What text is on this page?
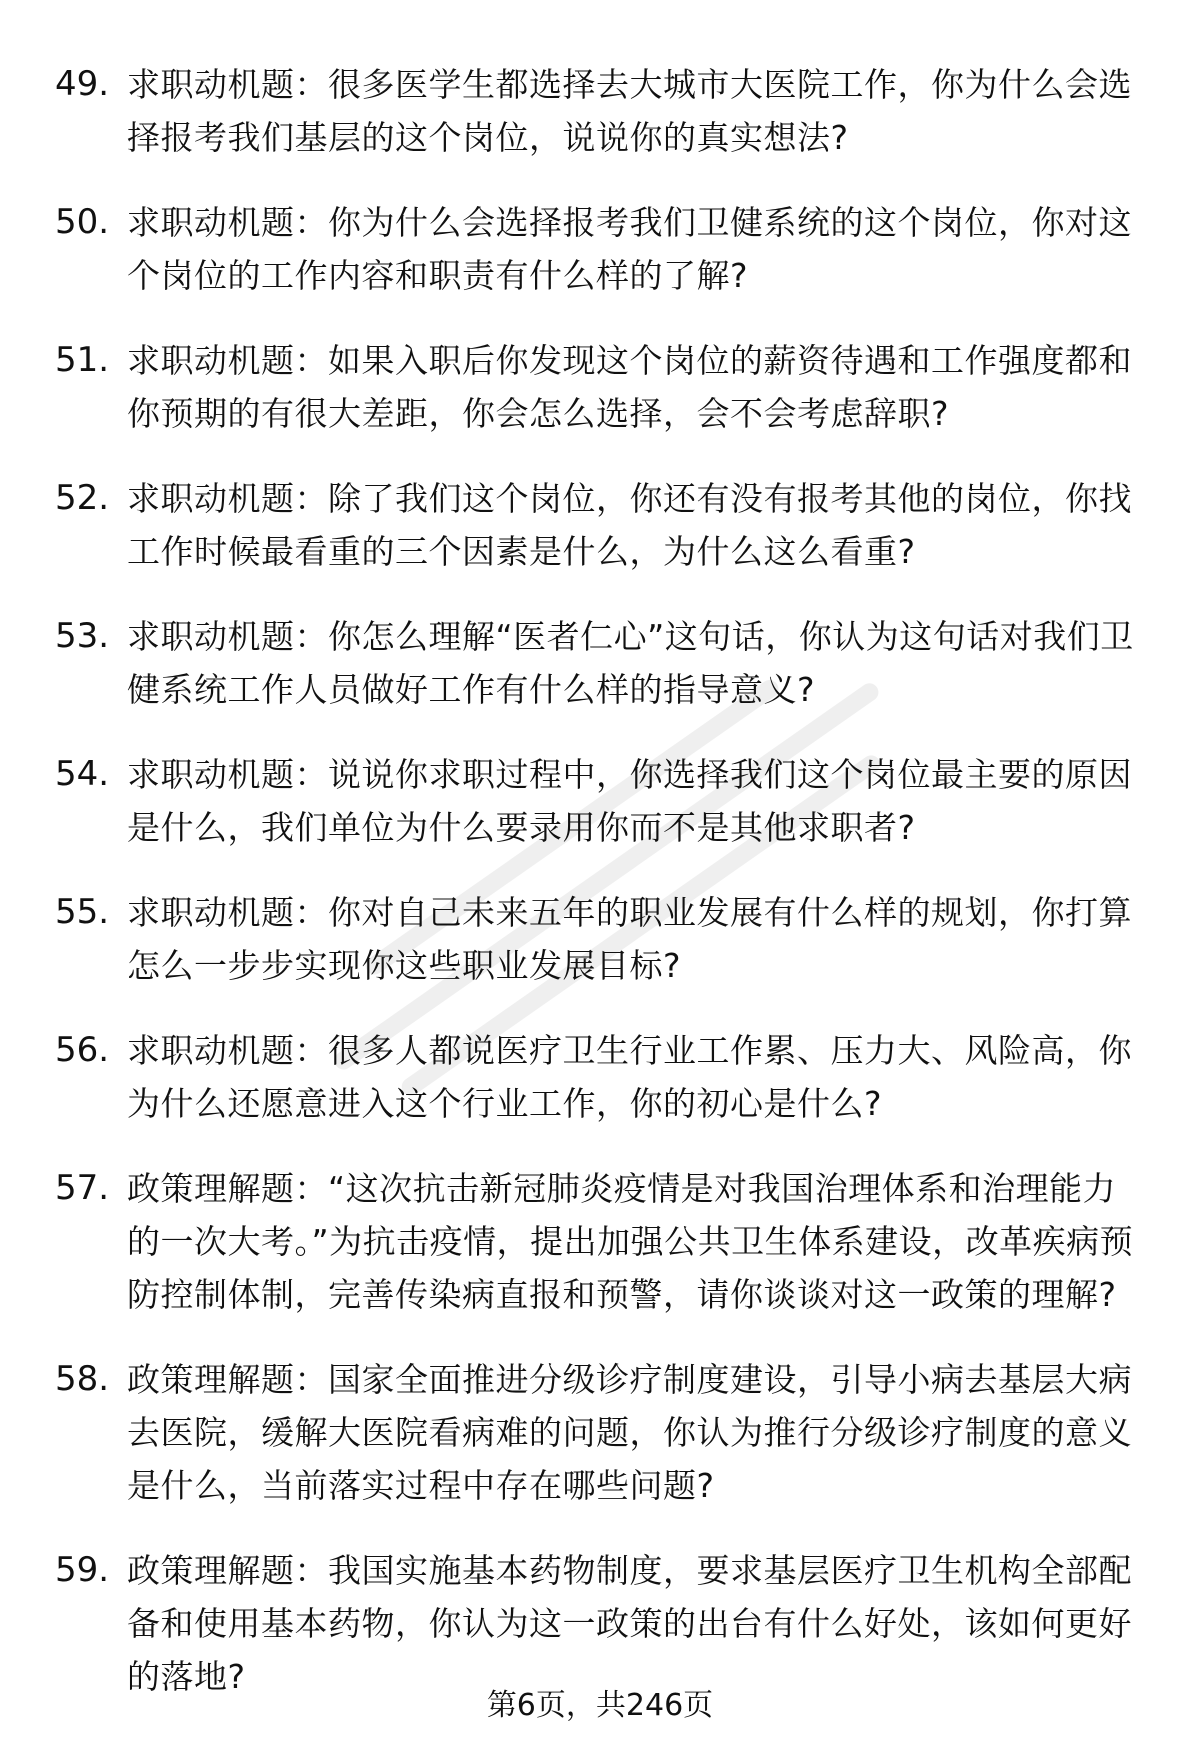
49. 求职动机题：很多医学生都选择去大城市大医院工作，你为什么会选择报考我们基层的这个岗位，说说你的真实想法?
50. 求职动机题：你为什么会选择报考我们卫健系统的这个岗位，你对这个岗位的工作内容和职责有什么样的了解?
51. 求职动机题：如果入职后你发现这个岗位的薪资待遇和工作强度都和你预期的有很大差距，你会怎么选择，会不会考虑辞职?
52. 求职动机题：除了我们这个岗位，你还有没有报考其他的岗位，你找工作时候最看重的三个因素是什么，为什么这么看重?
53. 求职动机题：你怎么理解“医者仁心”这句话，你认为这句话对我们卫健系统工作人员做好工作有什么样的指导意义?
54. 求职动机题：说说你求职过程中，你选择我们这个岗位最主要的原因是什么，我们单位为什么要录用你而不是其他求职者?
55. 求职动机题：你对自己未来五年的职业发展有什么样的规划，你打算怎么一步步实现你这些职业发展目标?
56. 求职动机题：很多人都说医疗卫生行业工作累、压力大、风险高，你为什么还愿意进入这个行业工作，你的初心是什么?
57. 政策理解题：“这次抗击新冠肺炎疫情是对我国治理体系和治理能力的一次大考。”为抗击疫情，提出加强公共卫生体系建设，改革疾病预防控制体制，完善传染病直报和预警，请你谈谈对这一政策的理解?
58. 政策理解题：国家全面推进分级诊疗制度建设，引导小病去基层大病去医院，缓解大医院看病难的问题，你认为推行分级诊疗制度的意义是什么，当前落实过程中存在哪些问题?
59. 政策理解题：我国实施基本药物制度，要求基层医疗卫生机构全部配备和使用基本药物，你认为这一政策的出台有什么好处，该如何更好的落地?
第6页，共246页
